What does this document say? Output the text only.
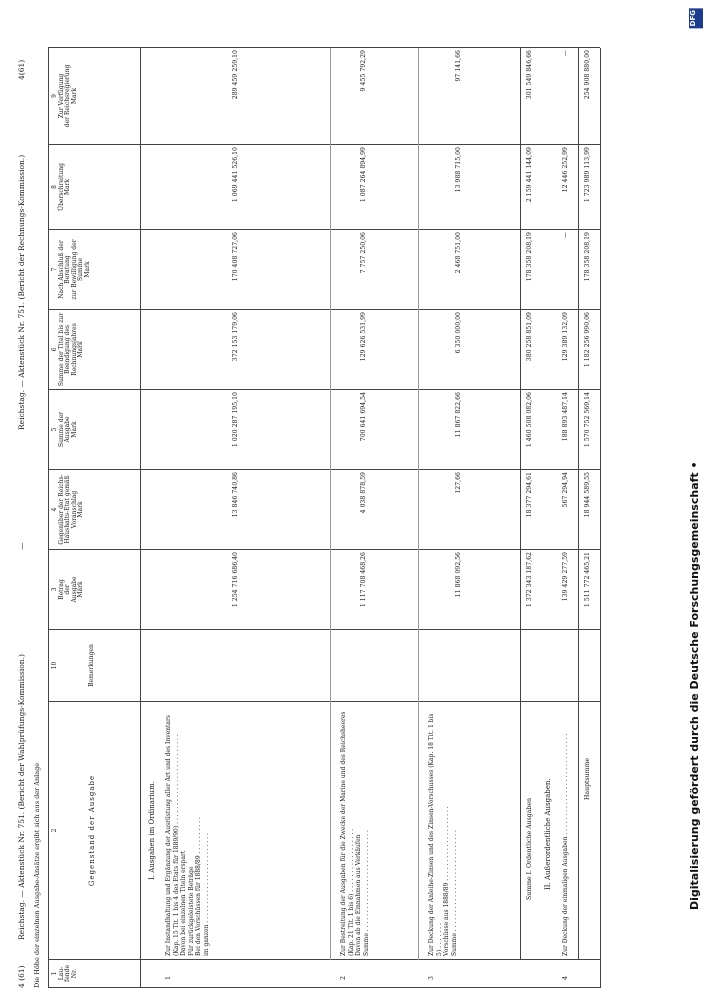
4 (61)
Reichstag. — Aktenstück Nr. 751. (Bericht der Wahlprüfungs-Kommission.)
—
Reichstag. — Aktenstück Nr. 751. (Bericht der Rechnungs-Kommission.)
4(61)
Die Höhe der einzelnen Ausgabe-Ansätze ergibt sich aus der Anlage 1 Lau-
fende
Nr.
2	Gegenstand der Ausgabe
3 Betrag
der
Ausgabe
Mark
4
Gegenüber der Reichs-Haushalts-Etat gemäß Voranschlag
Mark
5 Summe der
Ausgabe
Mark
6
Summe der Titel bis zur
Beendigung des
Rechnungsjahres
Mark
7
Nach Abschluß der Beratung
zur Bewilligung der
Summe
Mark
8 Überschreitung
Mark
9
Zur Verfügung
der Reichsregierung
Mark
10	Bemerkungen
I. Ausgaben im Ordinarium.
1
Zur Instandhaltung und Ergänzung der Ausrüstung aller Art und des Inventars (Kap. 15 Tit. 1 bis 4 des Etats für 1889/90) . . . . . . . . . . . . . . . . . . . . . . . .
Davon bei einzelnen Titeln erspart
Für zurückgeleistete Beträge
Bei den Vorschüssen für 1888/89 . . . . . . . . . .
im ganzen . . . . . . . . . . . . . . . . . . . . . . . .
1 254 716 686,40
13 846 740,86
1 020 287 195,10
372 153 179,06
170 408 727,06
1 069 441 526,10
289 459 259,10
2
Zur Bestreitung der Ausgaben für die Zwecke der Marine und des Reichsheeres (Kap. 21 Tit. 1 bis 6) . . . . . . . . . . . . . . . . .
Davon ab die Einnahmen aus Verkäufen
Summe . . . . . . . . . . . . . . . . . . . . . . . . . . .
1 117 708 468,26
4 038 878,59
700 641 694,54
129 626 531,99
7 757 250,06
1 087 264 894,99
9 455 792,29
3
Zur Deckung der Anleihe-Zinsen und des Zinsen-Vorschusses (Kap. 18 Tit. 1 bis 5) . . . . . . .
Vorschüsse aus 1888/89 . . . . . . . . . . . . . . . . . . . .
Summe . . . . . . . . . . . . . . . . . . . . . . . . . . .
11 868 092,56
127,66
11 867 822,66
6 350 000,00
2 468 751,00
13 988 715,00
97 141,66
Summe I. Ordentliche Ausgaben
1 372 343 187,62
18 377 294,61
1 460 508 082,06
380 258 851,09
178 358 208,19
2 159 441 144,09
301 549 846,66
II. Außerordentliche Ausgaben.
4
Zur Deckung der einmaligen Ausgaben . . . . . . . . . . . . . . . . . . . . . . . . . . .
139 429 277,59
567 294,94
188 893 487,14
129 389 132,09
—
12 446 252,99
—
Hauptsumme
1 511 772 465,21
18 944 589,55
1 570 752 569,14
1 182 256 990,06
178 358 208,19
1 723 989 113,99
254 908 880,00
DFG
Digitalisierung gefördert durch die Deutsche Forschungsgemeinschaft •
